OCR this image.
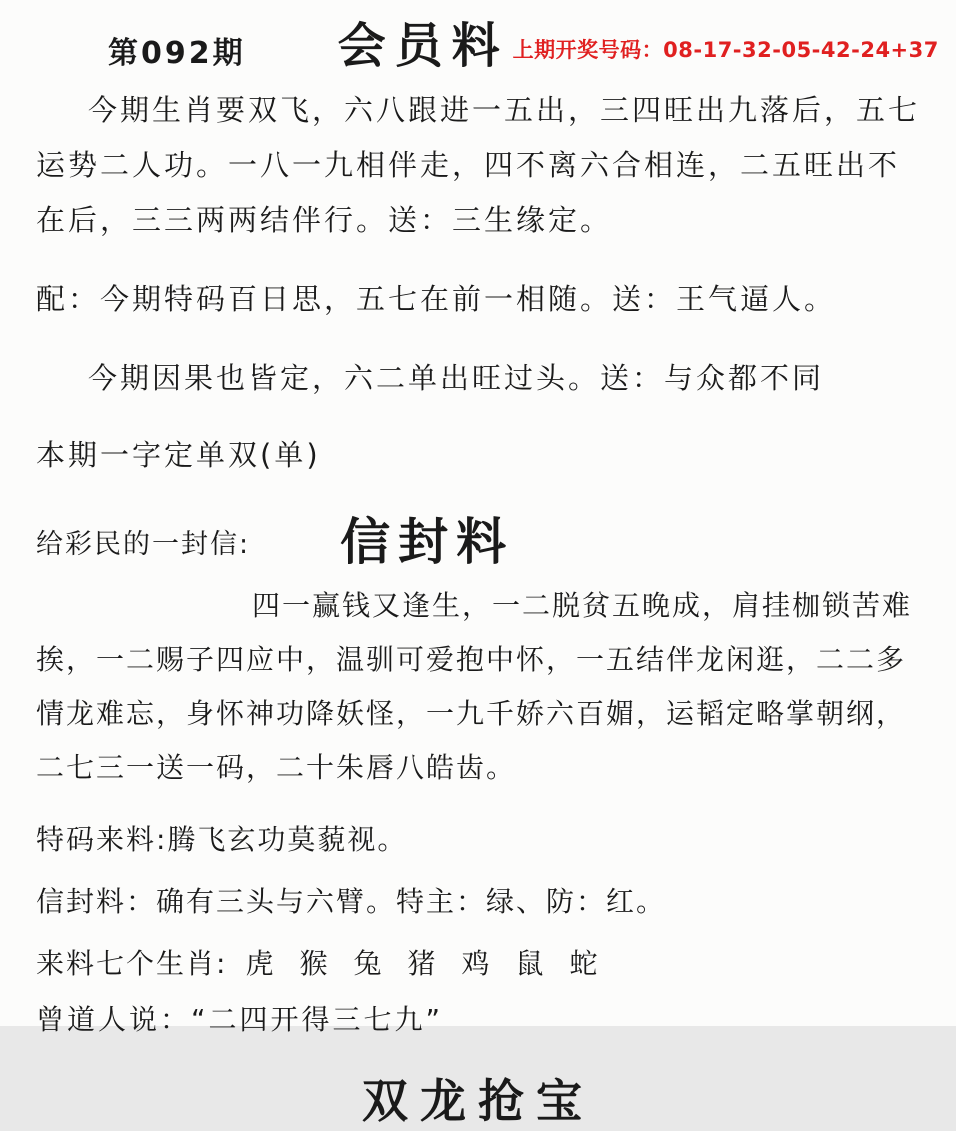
第092期 会员料 上期开奖号码：08-17-32-05-42-24+37

今期生肖要双飞，六八跟进一五出，三四旺出九落后，五七运势二人功。一八一九相伴走，四不离六合相连，二五旺出不在后，三三两两结伴行。送：三生缘定。

配：今期特码百日思，五七在前一相随。送：王气逼人。

今期因果也皆定，六二单出旺过头。送：与众都不同

本期一字定单双(单)

给彩民的一封信: 信封料

四一赢钱又逢生，一二脱贫五晚成，肩挂枷锁苦难挨，一二赐子四应中，温驯可爱抱中怀，一五结伴龙闲逛，二二多情龙难忘，身怀神功降妖怪，一九千娇六百媚，运韬定略掌朝纲，二七三一送一码，二十朱唇八皓齿。

特码来料:腾飞玄功莫藐视。

信封料：确有三头与六臂。特主：绿、防：红。

来料七个生肖: 虎 猴 兔 猪 鸡 鼠 蛇

曾道人说：“二四开得三七九”

双龙抢宝
